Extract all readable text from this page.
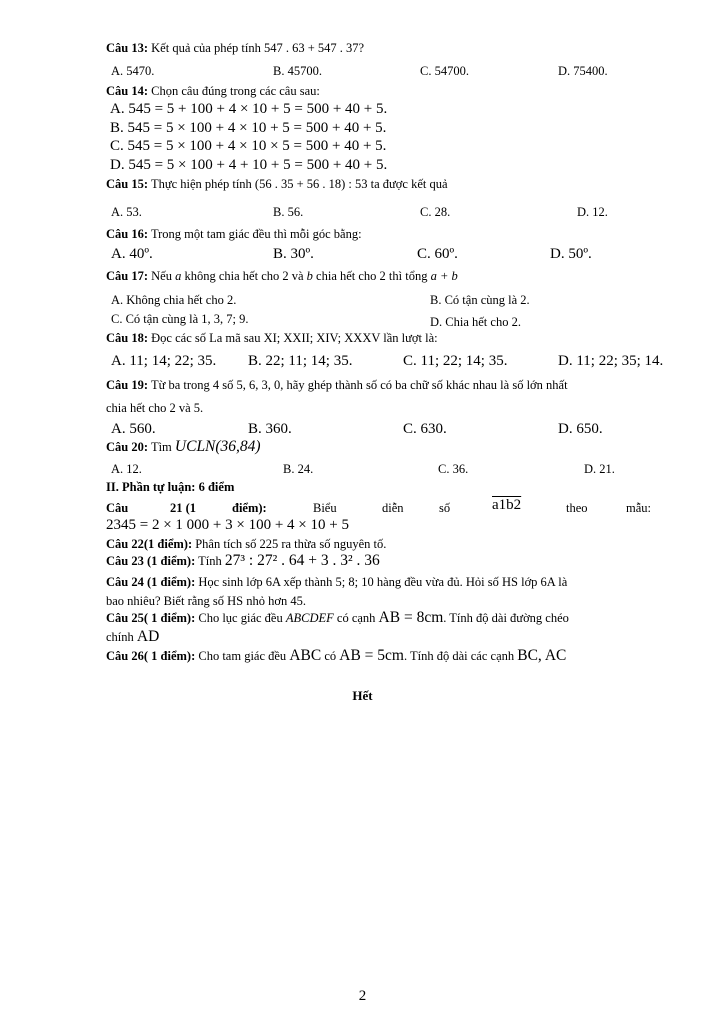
Câu 13: Kết quả của phép tính 547 . 63 + 547 . 37?
A. 5470.	B. 45700.	C. 54700.	D. 75400.
Câu 14: Chọn câu đúng trong các câu sau:
A. 545 = 5 + 100 + 4 × 10 + 5 = 500 + 40 + 5.
B. 545 = 5 × 100 + 4 × 10 + 5 = 500 + 40 + 5.
C. 545 = 5 × 100 + 4 × 10 × 5 = 500 + 40 + 5.
D. 545 = 5 × 100 + 4 + 10 + 5 = 500 + 40 + 5.
Câu 15: Thực hiện phép tính (56 . 35 + 56 . 18) : 53 ta được kết quả
A. 53.	B. 56.	C. 28.	D. 12.
Câu 16: Trong một tam giác đều thì mỗi góc bằng:
A. 40º.	B. 30º.	C. 60º.	D. 50º.
Câu 17: Nếu a không chia hết cho 2 và b chia hết cho 2 thì tổng a + b
A. Không chia hết cho 2.	B. Có tận cùng là 2.
C. Có tận cùng là 1, 3, 7; 9.	D. Chia hết cho 2.
Câu 18: Đọc các số La mã sau XI; XXII; XIV; XXXV lần lượt là:
A. 11; 14; 22; 35. B. 22; 11; 14; 35.	C. 11; 22; 14; 35.	D. 11; 22; 35; 14.
Câu 19: Từ ba trong 4 số 5, 6, 3, 0, hãy ghép thành số có ba chữ số khác nhau là số lớn nhất
chia hết cho 2 và 5.
A. 560.	B. 360.	C. 630.	D. 650.
Câu 20: Tìm UCLN(36,84)
A. 12.	B. 24.	C. 36.	D. 21.
II. Phần tự luận: 6 điểm
Câu	21 (1	điểm):	Biểu	diễn	số	a1b2	theo	mẫu:
2345 = 2 × 1 000 + 3 × 100 + 4 × 10 + 5
Câu 22(1 điểm): Phân tích số 225 ra thừa số nguyên tố.
Câu 23 (1 điểm): Tính 27³ : 27² . 64 + 3 . 3² . 36
Câu 24 (1 điểm): Học sinh lớp 6A xếp thành 5; 8; 10 hàng đều vừa đủ. Hỏi số HS lớp 6A là
bao nhiêu? Biết rằng số HS nhỏ hơn 45.
Câu 25( 1 điểm): Cho lục giác đều ABCDEF có cạnh AB = 8cm. Tính độ dài đường chéo
chính AD
Câu 26( 1 điểm): Cho tam giác đều ABC có AB = 5cm. Tính độ dài các cạnh BC, AC
Hết
2
